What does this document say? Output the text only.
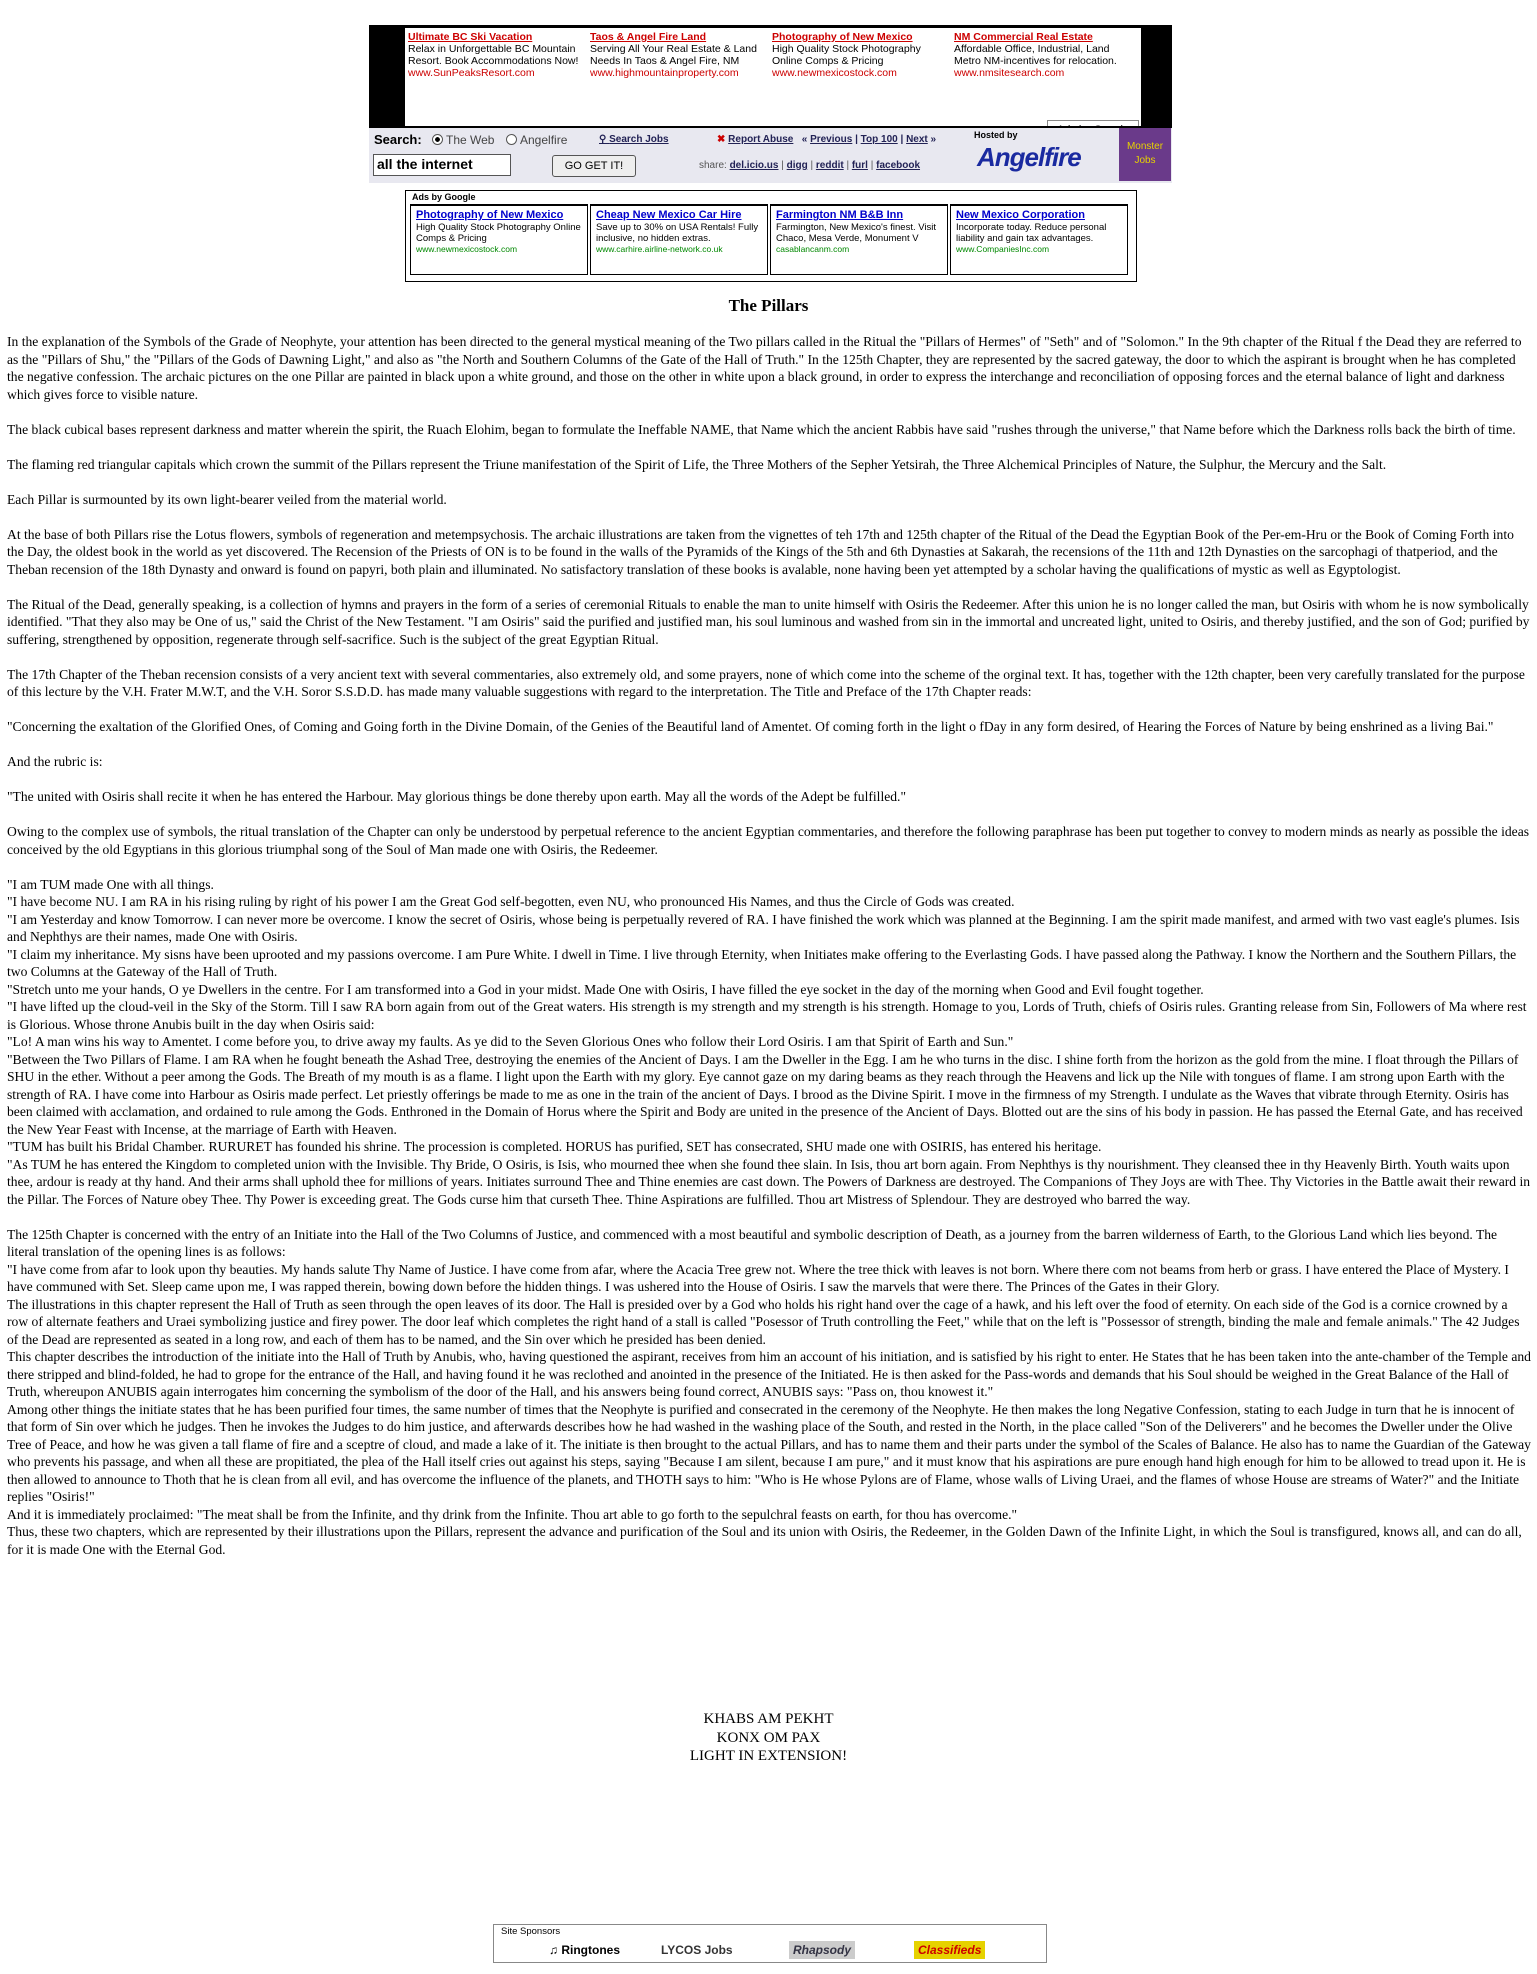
Ultimate BC Ski Vacation
Relax in Unforgettable BC Mountain Resort. Book Accommodations Now!
www.SunPeaksResort.com
Taos & Angel Fire Land
Serving All Your Real Estate & Land Needs In Taos & Angel Fire, NM
www.highmountainproperty.com
Photography of New Mexico
High Quality Stock Photography Online Comps & Pricing
www.newmexicostock.com
NM Commercial Real Estate
Affordable Office, Industrial, Land Metro NM-incentives for relocation.
www.nmsitesearch.com
Search:	The Web	Angelfire	⚲ Search Jobs
all the internet	GO GET IT!
✖ Report Abuse « Previous | Top 100 | Next »
share: del.icio.us | digg | reddit | furl | facebook
Hosted by
Angelfire	Monster Jobs
Ads by Google
Photography of New Mexico
High Quality Stock Photography Online Comps & Pricing
www.newmexicostock.com
Cheap New Mexico Car Hire
Save up to 30% on USA Rentals! Fully inclusive, no hidden extras.
www.carhire.airline-network.co.uk
Farmington NM B&B Inn
Farmington, New Mexico's finest. Visit Chaco, Mesa Verde, Monument V
casablancanm.com
New Mexico Corporation
Incorporate today. Reduce personal liability and gain tax advantages.
www.CompaniesInc.com
The Pillars

In the explanation of the Symbols of the Grade of Neophyte, your attention has been directed to the general mystical meaning of the Two pillars called in the Ritual the "Pillars of Hermes" of "Seth" and of "Solomon." In the 9th chapter of the Ritual f the Dead they are referred to as the "Pillars of Shu," the "Pillars of the Gods of Dawning Light," and also as "the North and Southern Columns of the Gate of the Hall of Truth." In the 125th Chapter, they are represented by the sacred gateway, the door to which the aspirant is brought when he has completed the negative confession. The archaic pictures on the one Pillar are painted in black upon a white ground, and those on the other in white upon a black ground, in order to express the interchange and reconciliation of opposing forces and the eternal balance of light and darkness which gives force to visible nature.

The black cubical bases represent darkness and matter wherein the spirit, the Ruach Elohim, began to formulate the Ineffable NAME, that Name which the ancient Rabbis have said "rushes through the universe," that Name before which the Darkness rolls back the birth of time.

The flaming red triangular capitals which crown the summit of the Pillars represent the Triune manifestation of the Spirit of Life, the Three Mothers of the Sepher Yetsirah, the Three Alchemical Principles of Nature, the Sulphur, the Mercury and the Salt.

Each Pillar is surmounted by its own light-bearer veiled from the material world.

At the base of both Pillars rise the Lotus flowers, symbols of regeneration and metempsychosis. The archaic illustrations are taken from the vignettes of teh 17th and 125th chapter of the Ritual of the Dead the Egyptian Book of the Per-em-Hru or the Book of Coming Forth into the Day, the oldest book in the world as yet discovered. The Recension of the Priests of ON is to be found in the walls of the Pyramids of the Kings of the 5th and 6th Dynasties at Sakarah, the recensions of the 11th and 12th Dynasties on the sarcophagi of thatperiod, and the Theban recension of the 18th Dynasty and onward is found on papyri, both plain and illuminated. No satisfactory translation of these books is avalable, none having been yet attempted by a scholar having the qualifications of mystic as well as Egyptologist.

The Ritual of the Dead, generally speaking, is a collection of hymns and prayers in the form of a series of ceremonial Rituals to enable the man to unite himself with Osiris the Redeemer. After this union he is no longer called the man, but Osiris with whom he is now symbolically identified. "That they also may be One of us," said the Christ of the New Testament. "I am Osiris" said the purified and justified man, his soul luminous and washed from sin in the immortal and uncreated light, united to Osiris, and thereby justified, and the son of God; purified by suffering, strengthened by opposition, regenerate through self-sacrifice. Such is the subject of the great Egyptian Ritual.

The 17th Chapter of the Theban recension consists of a very ancient text with several commentaries, also extremely old, and some prayers, none of which come into the scheme of the orginal text. It has, together with the 12th chapter, been very carefully translated for the purpose of this lecture by the V.H. Frater M.W.T, and the V.H. Soror S.S.D.D. has made many valuable suggestions with regard to the interpretation. The Title and Preface of the 17th Chapter reads:

"Concerning the exaltation of the Glorified Ones, of Coming and Going forth in the Divine Domain, of the Genies of the Beautiful land of Amentet. Of coming forth in the light o fDay in any form desired, of Hearing the Forces of Nature by being enshrined as a living Bai."

And the rubric is:

"The united with Osiris shall recite it when he has entered the Harbour. May glorious things be done thereby upon earth. May all the words of the Adept be fulfilled."

Owing to the complex use of symbols, the ritual translation of the Chapter can only be understood by perpetual reference to the ancient Egyptian commentaries, and therefore the following paraphrase has been put together to convey to modern minds as nearly as possible the ideas conceived by the old Egyptians in this glorious triumphal song of the Soul of Man made one with Osiris, the Redeemer.

"I am TUM made One with all things.

"I have become NU. I am RA in his rising ruling by right of his power I am the Great God self-begotten, even NU, who pronounced His Names, and thus the Circle of Gods was created.

"I am Yesterday and know Tomorrow. I can never more be overcome. I know the secret of Osiris, whose being is perpetually revered of RA. I have finished the work which was planned at the Beginning. I am the spirit made manifest, and armed with two vast eagle's plumes. Isis and Nephthys are their names, made One with Osiris.

"I claim my inheritance. My sisns have been uprooted and my passions overcome. I am Pure White. I dwell in Time. I live through Eternity, when Initiates make offering to the Everlasting Gods. I have passed along the Pathway. I know the Northern and the Southern Pillars, the two Columns at the Gateway of the Hall of Truth.

"Stretch unto me your hands, O ye Dwellers in the centre. For I am transformed into a God in your midst. Made One with Osiris, I have filled the eye socket in the day of the morning when Good and Evil fought together.

"I have lifted up the cloud-veil in the Sky of the Storm. Till I saw RA born again from out of the Great waters. His strength is my strength and my strength is his strength. Homage to you, Lords of Truth, chiefs of Osiris rules. Granting release from Sin, Followers of Ma where rest is Glorious. Whose throne Anubis built in the day when Osiris said:

"Lo! A man wins his way to Amentet. I come before you, to drive away my faults. As ye did to the Seven Glorious Ones who follow their Lord Osiris. I am that Spirit of Earth and Sun."

"Between the Two Pillars of Flame. I am RA when he fought beneath the Ashad Tree, destroying the enemies of the Ancient of Days. I am the Dweller in the Egg. I am he who turns in the disc. I shine forth from the horizon as the gold from the mine. I float through the Pillars of SHU in the ether. Without a peer among the Gods. The Breath of my mouth is as a flame. I light upon the Earth with my glory. Eye cannot gaze on my daring beams as they reach through the Heavens and lick up the Nile with tongues of flame. I am strong upon Earth with the strength of RA. I have come into Harbour as Osiris made perfect. Let priestly offerings be made to me as one in the train of the ancient of Days. I brood as the Divine Spirit. I move in the firmness of my Strength. I undulate as the Waves that vibrate through Eternity. Osiris has been claimed with acclamation, and ordained to rule among the Gods. Enthroned in the Domain of Horus where the Spirit and Body are united in the presence of the Ancient of Days. Blotted out are the sins of his body in passion. He has passed the Eternal Gate, and has received the New Year Feast with Incense, at the marriage of Earth with Heaven.

"TUM has built his Bridal Chamber. RURURET has founded his shrine. The procession is completed. HORUS has purified, SET has consecrated, SHU made one with OSIRIS, has entered his heritage.

"As TUM he has entered the Kingdom to completed union with the Invisible. Thy Bride, O Osiris, is Isis, who mourned thee when she found thee slain. In Isis, thou art born again. From Nephthys is thy nourishment. They cleansed thee in thy Heavenly Birth. Youth waits upon thee, ardour is ready at thy hand. And their arms shall uphold thee for millions of years. Initiates surround Thee and Thine enemies are cast down. The Powers of Darkness are destroyed. The Companions of They Joys are with Thee. Thy Victories in the Battle await their reward in the Pillar. The Forces of Nature obey Thee. Thy Power is exceeding great. The Gods curse him that curseth Thee. Thine Aspirations are fulfilled. Thou art Mistress of Splendour. They are destroyed who barred the way.

The 125th Chapter is concerned with the entry of an Initiate into the Hall of the Two Columns of Justice, and commenced with a most beautiful and symbolic description of Death, as a journey from the barren wilderness of Earth, to the Glorious Land which lies beyond. The literal translation of the opening lines is as follows:

"I have come from afar to look upon thy beauties. My hands salute Thy Name of Justice. I have come from afar, where the Acacia Tree grew not. Where the tree thick with leaves is not born. Where there com not beams from herb or grass. I have entered the Place of Mystery. I have communed with Set. Sleep came upon me, I was rapped therein, bowing down before the hidden things. I was ushered into the House of Osiris. I saw the marvels that were there. The Princes of the Gates in their Glory.

The illustrations in this chapter represent the Hall of Truth as seen through the open leaves of its door. The Hall is presided over by a God who holds his right hand over the cage of a hawk, and his left over the food of eternity. On each side of the God is a cornice crowned by a row of alternate feathers and Uraei symbolizing justice and firey power. The door leaf which completes the right hand of a stall is called "Posessor of Truth controlling the Feet," while that on the left is "Possessor of strength, binding the male and female animals." The 42 Judges of the Dead are represented as seated in a long row, and each of them has to be named, and the Sin over which he presided has been denied.

This chapter describes the introduction of the initiate into the Hall of Truth by Anubis, who, having questioned the aspirant, receives from him an account of his initiation, and is satisfied by his right to enter. He States that he has been taken into the ante-chamber of the Temple and there stripped and blind-folded, he had to grope for the entrance of the Hall, and having found it he was reclothed and anointed in the presence of the Initiated. He is then asked for the Pass-words and demands that his Soul should be weighed in the Great Balance of the Hall of Truth, whereupon ANUBIS again interrogates him concerning the symbolism of the door of the Hall, and his answers being found correct, ANUBIS says: "Pass on, thou knowest it."

Among other things the initiate states that he has been purified four times, the same number of times that the Neophyte is purified and consecrated in the ceremony of the Neophyte. He then makes the long Negative Confession, stating to each Judge in turn that he is innocent of that form of Sin over which he judges. Then he invokes the Judges to do him justice, and afterwards describes how he had washed in the washing place of the South, and rested in the North, in the place called "Son of the Deliverers" and he becomes the Dweller under the Olive Tree of Peace, and how he was given a tall flame of fire and a sceptre of cloud, and made a lake of it. The initiate is then brought to the actual Pillars, and has to name them and their parts under the symbol of the Scales of Balance. He also has to name the Guardian of the Gateway who prevents his passage, and when all these are propitiated, the plea of the Hall itself cries out against his steps, saying "Because I am silent, because I am pure," and it must know that his aspirations are pure enough hand high enough for him to be allowed to tread upon it. He is then allowed to announce to Thoth that he is clean from all evil, and has overcome the influence of the planets, and THOTH says to him: "Who is He whose Pylons are of Flame, whose walls of Living Uraei, and the flames of whose House are streams of Water?" and the Initiate replies "Osiris!"

And it is immediately proclaimed: "The meat shall be from the Infinite, and thy drink from the Infinite. Thou art able to go forth to the sepulchral feasts on earth, for thou has overcome."

Thus, these two chapters, which are represented by their illustrations upon the Pillars, represent the advance and purification of the Soul and its union with Osiris, the Redeemer, in the Golden Dawn of the Infinite Light, in which the Soul is transfigured, knows all, and can do all, for it is made One with the Eternal God.

KHABS AM PEKHT
KONX OM PAX
LIGHT IN EXTENSION!
Site Sponsors
♫ Ringtones	LYCOS Jobs	Rhapsody	Classifieds
